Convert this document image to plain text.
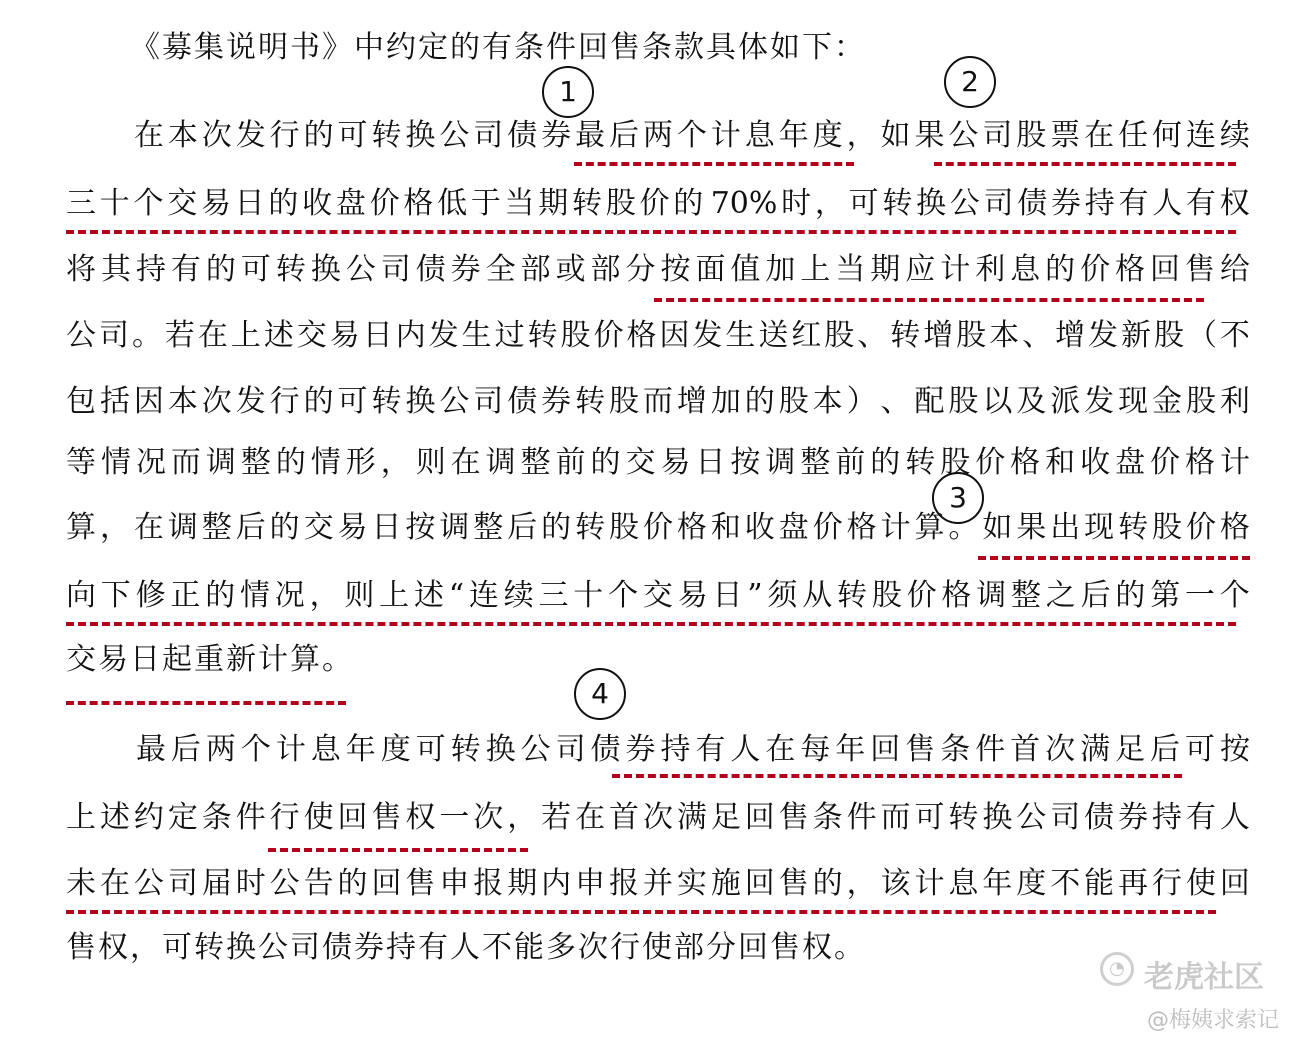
《 募 集 说 明 书 》 中 约 定 的 有 条 件 回 售 条 款 具 体 如 下 ：

在 本 次 发 行 的 可 转 换 公 司 债 券 最 后 两 个 计 息 年 度 ， 如 果 公 司 股 票 在 任 何 连 续
三 十 个 交 易 日 的 收 盘 价 格 低 于 当 期 转 股 价 的 70% 时 ， 可 转 换 公 司 债 券 持 有 人 有 权
将 其 持 有 的 可 转 换 公 司 债 券 全 部 或 部 分 按 面 值 加 上 当 期 应 计 利 息 的 价 格 回 售 给
公 司 。 若 在 上 述 交 易 日 内 发 生 过 转 股 价 格 因 发 生 送 红 股 、 转 增 股 本 、 增 发 新 股 （ 不
包 括 因 本 次 发 行 的 可 转 换 公 司 债 券 转 股 而 增 加 的 股 本 ） 、 配 股 以 及 派 发 现 金 股 利
等 情 况 而 调 整 的 情 形 ， 则 在 调 整 前 的 交 易 日 按 调 整 前 的 转 股 价 格 和 收 盘 价 格 计
算 ， 在 调 整 后 的 交 易 日 按 调 整 后 的 转 股 价 格 和 收 盘 价 格 计 算 。 如 果 出 现 转 股 价 格
向 下 修 正 的 情 况 ， 则 上 述 “ 连 续 三 十 个 交 易 日 ” 须 从 转 股 价 格 调 整 之 后 的 第 一 个
交 易 日 起 重 新 计 算 。

最 后 两 个 计 息 年 度 可 转 换 公 司 债 券 持 有 人 在 每 年 回 售 条 件 首 次 满 足 后 可 按
上 述 约 定 条 件 行 使 回 售 权 一 次 ， 若 在 首 次 满 足 回 售 条 件 而 可 转 换 公 司 债 券 持 有 人
未 在 公 司 届 时 公 告 的 回 售 申 报 期 内 申 报 并 实 施 回 售 的 ， 该 计 息 年 度 不 能 再 行 使 回
售 权 ， 可 转 换 公 司 债 券 持 有 人 不 能 多 次 行 使 部 分 回 售 权 。
1	2
3
4
◔ 老虎社区
@梅姨求索记
